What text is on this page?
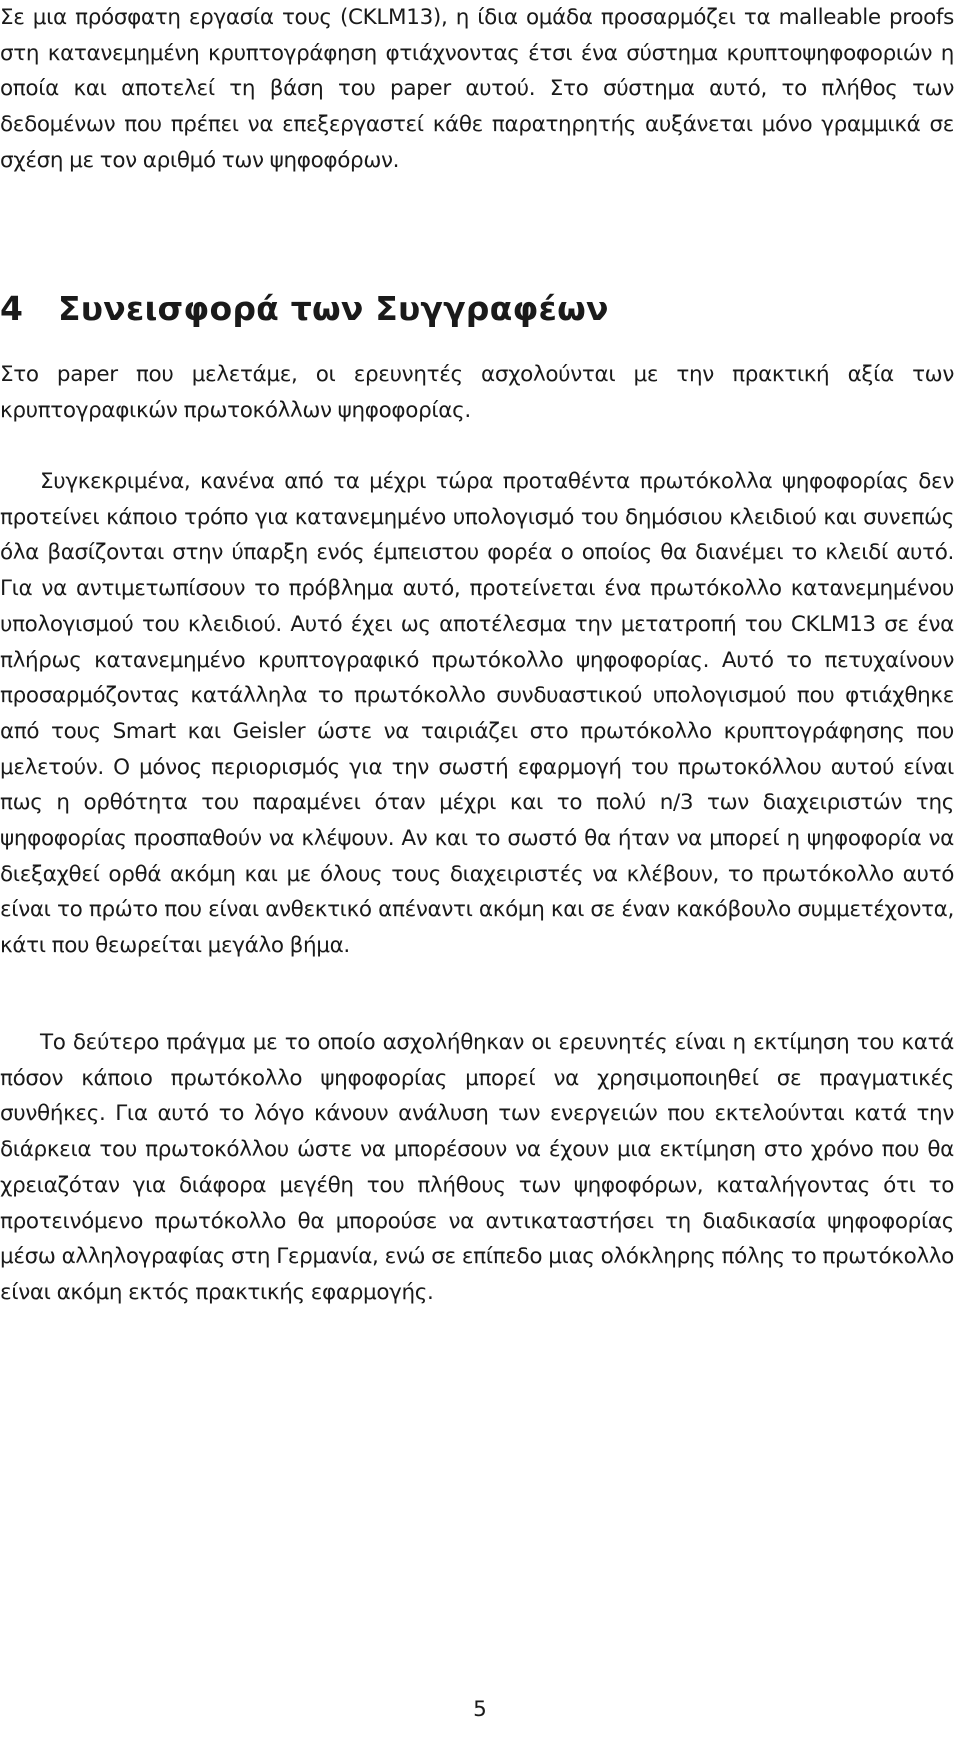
Σε μια πρόσφατη εργασία τους (CKLM13), η ίδια ομάδα προσαρμόζει τα malleable proofs στη κατανεμημένη κρυπτογράφηση φτιάχνοντας έτσι ένα σύστημα κρυπτοψηφοφοριών η οποία και αποτελεί τη βάση του paper αυτού. Στο σύστημα αυτό, το πλήθος των δεδομένων που πρέπει να επεξεργαστεί κάθε παρατηρητής αυξάνεται μόνο γραμμικά σε σχέση με τον αριθμό των ψηφοφόρων.

4 Συνεισφορά των Συγγραφέων

Στο paper που μελετάμε, οι ερευνητές ασχολούνται με την πρακτική αξία των κρυπτογραφικών πρωτοκόλλων ψηφοφορίας.

Συγκεκριμένα, κανένα από τα μέχρι τώρα προταθέντα πρωτόκολλα ψηφοφορίας δεν προτείνει κάποιο τρόπο για κατανεμημένο υπολογισμό του δημόσιου κλειδιού και συνεπώς όλα βασίζονται στην ύπαρξη ενός έμπειστου φορέα ο οποίος θα διανέμει το κλειδί αυτό. Για να αντιμετωπίσουν το πρόβλημα αυτό, προτείνεται ένα πρωτόκολλο κατανεμημένου υπολογισμού του κλειδιού. Αυτό έχει ως αποτέλεσμα την μετατροπή του CKLM13 σε ένα πλήρως κατανεμημένο κρυπτογραφικό πρωτόκολλο ψηφοφορίας. Αυτό το πετυχαίνουν προσαρμόζοντας κατάλληλα το πρωτόκολλο συνδυαστικού υπολογισμού που φτιάχθηκε από τους Smart και Geisler ώστε να ταιριάζει στο πρωτόκολλο κρυπτογράφησης που μελετούν. Ο μόνος περιορισμός για την σωστή εφαρμογή του πρωτοκόλλου αυτού είναι πως η ορθότητα του παραμένει όταν μέχρι και το πολύ n/3 των διαχειριστών της ψηφοφορίας προσπαθούν να κλέψουν. Αν και το σωστό θα ήταν να μπορεί η ψηφοφορία να διεξαχθεί ορθά ακόμη και με όλους τους διαχειριστές να κλέβουν, το πρωτόκολλο αυτό είναι το πρώτο που είναι ανθεκτικό απέναντι ακόμη και σε έναν κακόβουλο συμμετέχοντα, κάτι που θεωρείται μεγάλο βήμα.

Το δεύτερο πράγμα με το οποίο ασχολήθηκαν οι ερευνητές είναι η εκτίμηση του κατά πόσον κάποιο πρωτόκολλο ψηφοφορίας μπορεί να χρησιμοποιηθεί σε πραγματικές συνθήκες. Για αυτό το λόγο κάνουν ανάλυση των ενεργειών που εκτελούνται κατά την διάρκεια του πρωτοκόλλου ώστε να μπορέσουν να έχουν μια εκτίμηση στο χρόνο που θα χρειαζόταν για διάφορα μεγέθη του πλήθους των ψηφοφόρων, καταλήγοντας ότι το προτεινόμενο πρωτόκολλο θα μπορούσε να αντικαταστήσει τη διαδικασία ψηφοφορίας μέσω αλληλογραφίας στη Γερμανία, ενώ σε επίπεδο μιας ολόκληρης πόλης το πρωτόκολλο είναι ακόμη εκτός πρακτικής εφαρμογής.

5
